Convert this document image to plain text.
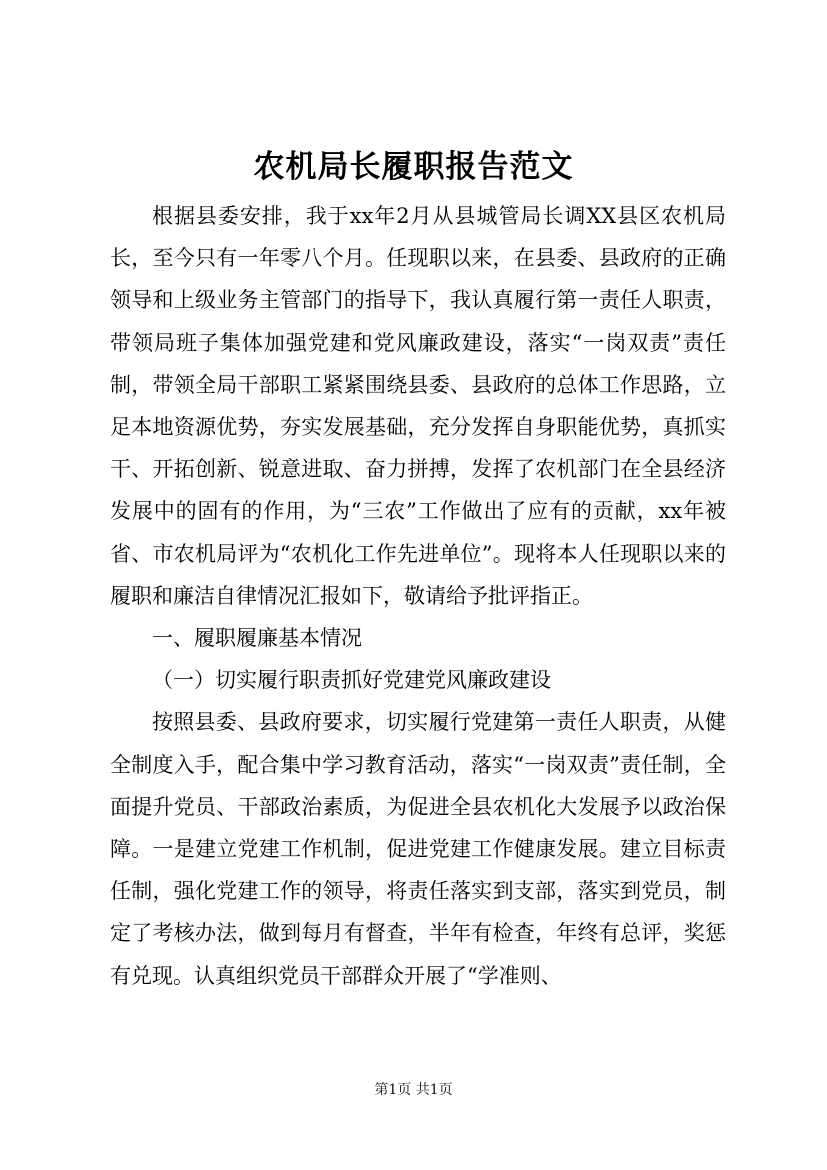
农机局长履职报告范文

根据县委安排，我于xx年2月从县城管局长调XX县区农机局长，至今只有一年零八个月。任现职以来，在县委、县政府的正确领导和上级业务主管部门的指导下，我认真履行第一责任人职责，带领局班子集体加强党建和党风廉政建设，落实“一岗双责”责任制，带领全局干部职工紧紧围绕县委、县政府的总体工作思路，立足本地资源优势，夯实发展基础，充分发挥自身职能优势，真抓实干、开拓创新、锐意进取、奋力拼搏，发挥了农机部门在全县经济发展中的固有的作用，为“三农”工作做出了应有的贡献，xx年被省、市农机局评为“农机化工作先进单位”。现将本人任现职以来的履职和廉洁自律情况汇报如下，敬请给予批评指正。

一、履职履廉基本情况

（一）切实履行职责抓好党建党风廉政建设

按照县委、县政府要求，切实履行党建第一责任人职责，从健全制度入手，配合集中学习教育活动，落实“一岗双责”责任制，全面提升党员、干部政治素质，为促进全县农机化大发展予以政治保障。一是建立党建工作机制，促进党建工作健康发展。建立目标责任制，强化党建工作的领导，将责任落实到支部，落实到党员，制定了考核办法，做到每月有督查，半年有检查，年终有总评，奖惩有兑现。认真组织党员干部群众开展了“学准则、

第1页 共1页
